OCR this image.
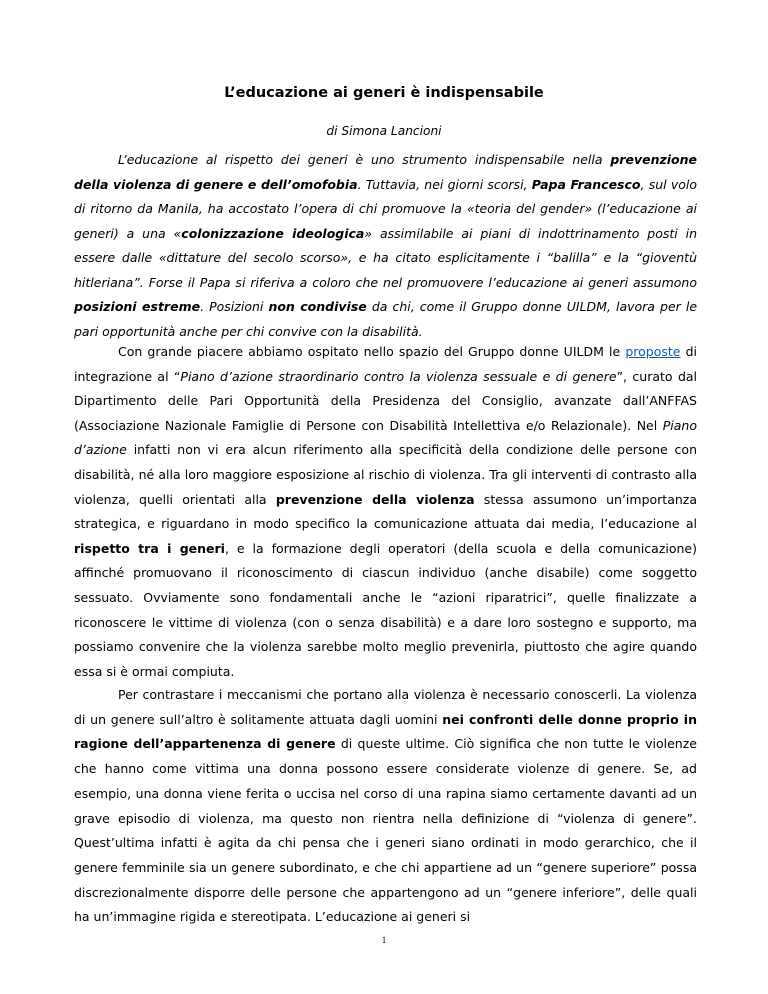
L’educazione ai generi è indispensabile
di Simona Lancioni

L’educazione al rispetto dei generi è uno strumento indispensabile nella prevenzione della violenza di genere e dell’omofobia. Tuttavia, nei giorni scorsi, Papa Francesco, sul volo di ritorno da Manila, ha accostato l’opera di chi promuove la «teoria del gender» (l’educazione ai generi) a una «colonizzazione ideologica» assimilabile ai piani di indottrinamento posti in essere dalle «dittature del secolo scorso», e ha citato esplicitamente i “balilla” e la “gioventù hitleriana”. Forse il Papa si riferiva a coloro che nel promuovere l’educazione ai generi assumono posizioni estreme. Posizioni non condivise da chi, come il Gruppo donne UILDM, lavora per le pari opportunità anche per chi convive con la disabilità.

Con grande piacere abbiamo ospitato nello spazio del Gruppo donne UILDM le proposte di integrazione al “Piano d’azione straordinario contro la violenza sessuale e di genere”, curato dal Dipartimento delle Pari Opportunità della Presidenza del Consiglio, avanzate dall’ANFFAS (Associazione Nazionale Famiglie di Persone con Disabilità Intellettiva e/o Relazionale). Nel Piano d’azione infatti non vi era alcun riferimento alla specificità della condizione delle persone con disabilità, né alla loro maggiore esposizione al rischio di violenza. Tra gli interventi di contrasto alla violenza, quelli orientati alla prevenzione della violenza stessa assumono un’importanza strategica, e riguardano in modo specifico la comunicazione attuata dai media, l’educazione al rispetto tra i generi, e la formazione degli operatori (della scuola e della comunicazione) affinché promuovano il riconoscimento di ciascun individuo (anche disabile) come soggetto sessuato. Ovviamente sono fondamentali anche le “azioni riparatrici”, quelle finalizzate a riconoscere le vittime di violenza (con o senza disabilità) e a dare loro sostegno e supporto, ma possiamo convenire che la violenza sarebbe molto meglio prevenirla, piuttosto che agire quando essa si è ormai compiuta.

Per contrastare i meccanismi che portano alla violenza è necessario conoscerli. La violenza di un genere sull’altro è solitamente attuata dagli uomini nei confronti delle donne proprio in ragione dell’appartenenza di genere di queste ultime. Ciò significa che non tutte le violenze che hanno come vittima una donna possono essere considerate violenze di genere. Se, ad esempio, una donna viene ferita o uccisa nel corso di una rapina siamo certamente davanti ad un grave episodio di violenza, ma questo non rientra nella definizione di “violenza di genere”. Quest’ultima infatti è agita da chi pensa che i generi siano ordinati in modo gerarchico, che il genere femminile sia un genere subordinato, e che chi appartiene ad un “genere superiore” possa discrezionalmente disporre delle persone che appartengono ad un “genere inferiore”, delle quali ha un’immagine rigida e stereotipata. L’educazione ai generi si

1
